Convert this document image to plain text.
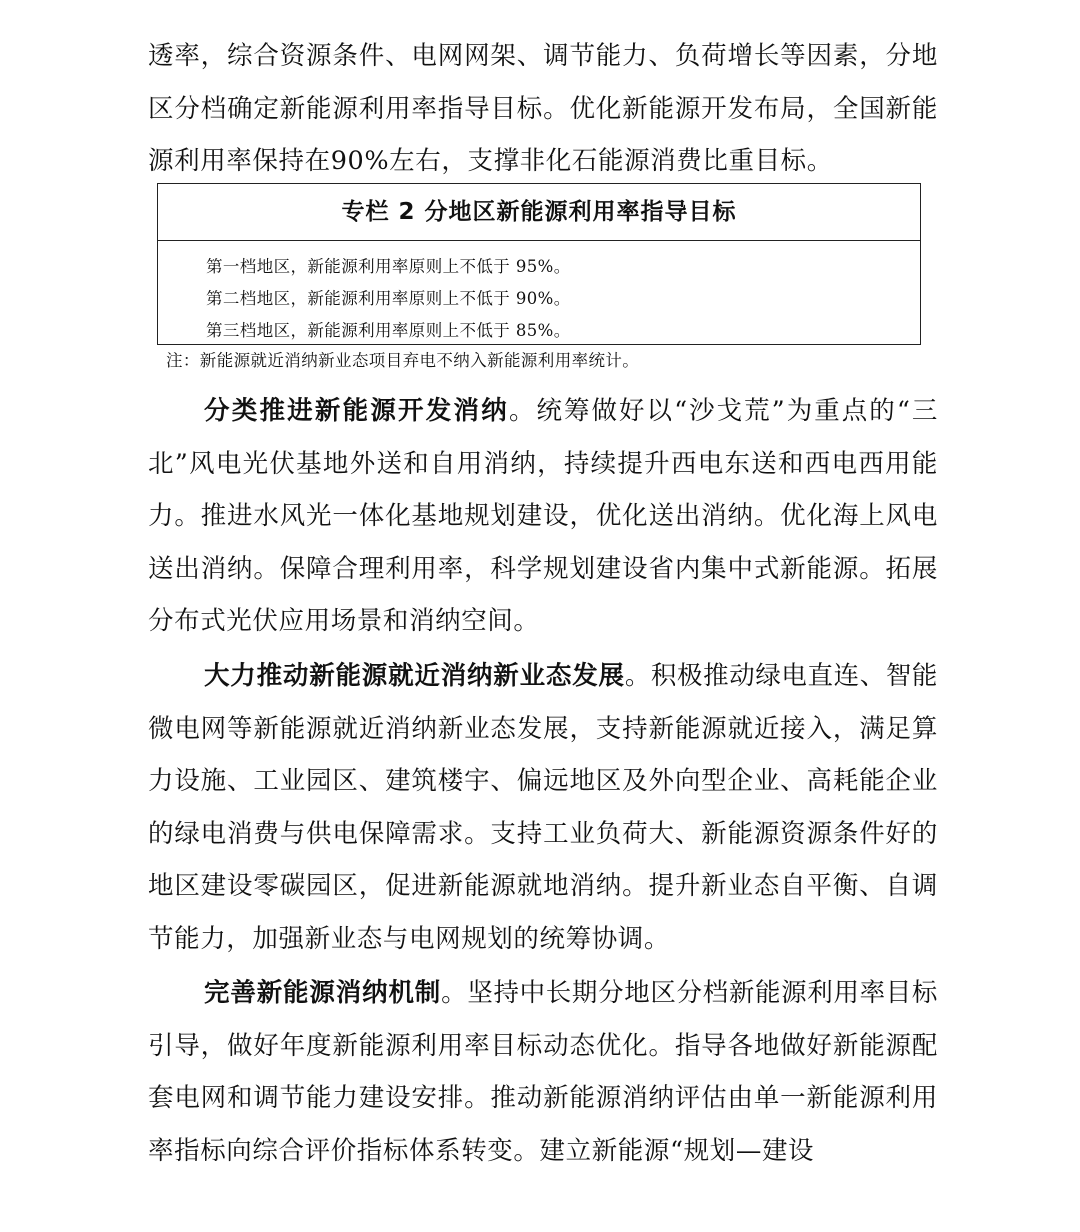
透率，综合资源条件、电网网架、调节能力、负荷增长等因素，分地区分档确定新能源利用率指导目标。优化新能源开发布局，全国新能源利用率保持在90%左右，支撑非化石能源消费比重目标。

专栏 2 分地区新能源利用率指导目标
第一档地区，新能源利用率原则上不低于 95%。
第二档地区，新能源利用率原则上不低于 90%。
第三档地区，新能源利用率原则上不低于 85%。
注：新能源就近消纳新业态项目弃电不纳入新能源利用率统计。

分类推进新能源开发消纳。统筹做好以“沙戈荒”为重点的“三北”风电光伏基地外送和自用消纳，持续提升西电东送和西电西用能力。推进水风光一体化基地规划建设，优化送出消纳。优化海上风电送出消纳。保障合理利用率，科学规划建设省内集中式新能源。拓展分布式光伏应用场景和消纳空间。

大力推动新能源就近消纳新业态发展。积极推动绿电直连、智能微电网等新能源就近消纳新业态发展，支持新能源就近接入，满足算力设施、工业园区、建筑楼宇、偏远地区及外向型企业、高耗能企业的绿电消费与供电保障需求。支持工业负荷大、新能源资源条件好的地区建设零碳园区，促进新能源就地消纳。提升新业态自平衡、自调节能力，加强新业态与电网规划的统筹协调。

完善新能源消纳机制。坚持中长期分地区分档新能源利用率目标引导，做好年度新能源利用率目标动态优化。指导各地做好新能源配套电网和调节能力建设安排。推动新能源消纳评估由单一新能源利用率指标向综合评价指标体系转变。建立新能源“规划—建设
